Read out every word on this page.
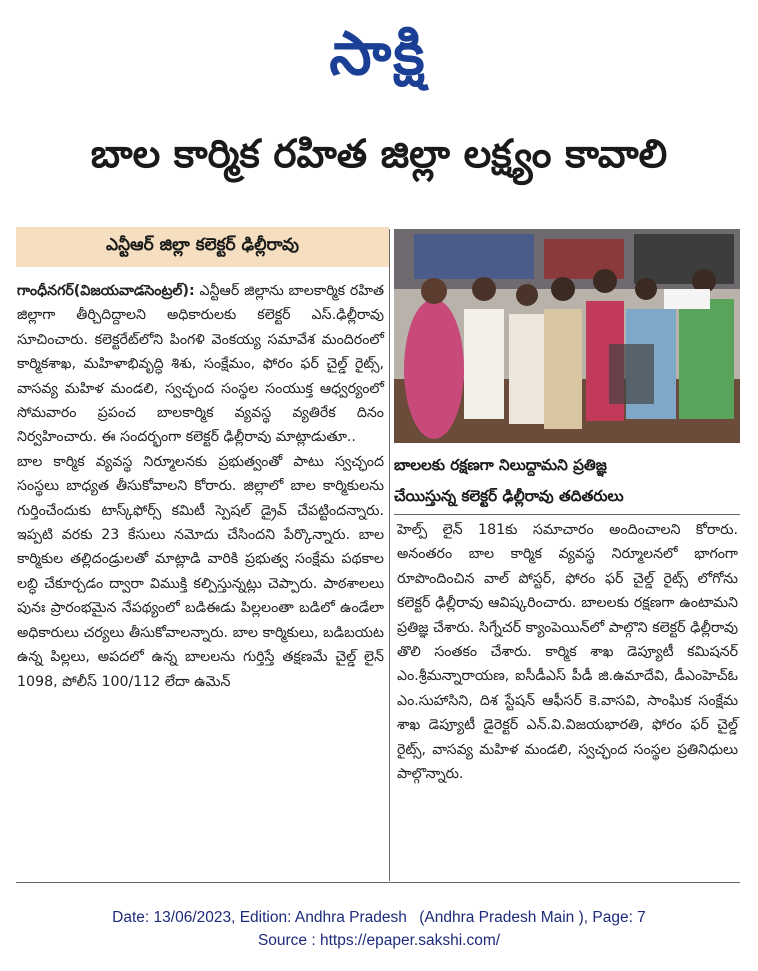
సాక్షి
బాల కార్మిక రహిత జిల్లా లక్ష్యం కావాలి
ఎన్టీఆర్‌ జిల్లా కలెక్టర్‌ ఢిల్లీరావు

గాంధీనగర్‌(విజయవాడసెంట్రల్‌): ఎన్టీఆర్‌ జిల్లాను బాలకార్మిక రహిత జిల్లాగా తీర్చిదిద్దాలని అధికారులకు కలెక్టర్‌ ఎస్‌.ఢిల్లీరావు సూచించారు. కలెక్టరేట్‌లోని పింగళి వెంకయ్య సమావేశ మందిరంలో కార్మికశాఖ, మహిళాభివృద్ధి శిశు, సంక్షేమం, ఫోరం ఫర్‌ చైల్డ్‌ రైట్స్‌, వాసవ్య మహిళ మండలి, స్వచ్ఛంద సంస్థల సంయుక్త ఆధ్వర్యంలో సోమవారం ప్రపంచ బాలకార్మిక వ్యవస్థ వ్యతిరేక దినం నిర్వహించారు. ఈ సందర్భంగా కలెక్టర్‌ ఢిల్లీరావు మాట్లాడుతూ..

బాల కార్మిక వ్యవస్థ నిర్మూలనకు ప్రభుత్వంతో పాటు స్వచ్ఛంద సంస్థలు బాధ్యత తీసుకోవాలని కోరారు. జిల్లాలో బాల కార్మికులను గుర్తించేందుకు టాస్క్‌ఫోర్స్‌ కమిటీ స్పెషల్‌ డ్రైవ్‌ చేపట్టిందన్నారు. ఇప్పటి వరకు 23 కేసులు నమోదు చేసిందని పేర్కొన్నారు. బాల కార్మికుల తల్లిదండ్రులతో మాట్లాడి వారికి ప్రభుత్వ సంక్షేమ పథకాల లబ్ధి చేకూర్చడం ద్వారా విముక్తి కల్పిస్తున్నట్లు చెప్పారు. పాఠశాలలు పునః ప్రారంభమైన నేపథ్యంలో బడిఈడు పిల్లలంతా బడిలో ఉండేలా అధికారులు చర్యలు తీసుకోవాలన్నారు. బాల కార్మికులు, బడిబయట ఉన్న పిల్లలు, అపదలో ఉన్న బాలలను గుర్తిస్తే తక్షణమే చైల్డ్‌ లైన్‌ 1098, పోలీస్‌ 100/112 లేదా ఉమెన్‌

బాలలకు రక్షణగా నిలుద్దామని ప్రతిజ్ఞ
చేయిస్తున్న కలెక్టర్‌ ఢిల్లీరావు తదితరులు

హెల్ప్‌ లైన్‌ 181కు సమాచారం అందించాలని కోరారు. అనంతరం బాల కార్మిక వ్యవస్థ నిర్మూలనలో భాగంగా రూపొందించిన వాల్‌ పోస్టర్‌, ఫోరం ఫర్‌ చైల్డ్‌ రైట్స్‌ లోగోను కలెక్టర్‌ ఢిల్లీరావు ఆవిష్కరించారు. బాలలకు రక్షణగా ఉంటామని ప్రతిజ్ఞ చేశారు. సిగ్నేచర్‌ క్యాంపెయిన్‌లో పాల్గొని కలెక్టర్‌ ఢిల్లీరావు తొలి సంతకం చేశారు. కార్మిక శాఖ డెప్యూటీ కమిషనర్‌ ఎం.శ్రీమన్నారాయణ, ఐసీడీఎస్‌ పీడీ జి.ఉమాదేవి, డీఎంహెచ్‌ఓ ఎం.సుహాసిని, దిశ స్టేషన్‌ ఆఫీసర్‌ కె.వాసవి, సాంఘిక సంక్షేమ శాఖ డెప్యూటీ డైరెక్టర్‌ ఎన్‌.వి.విజయభారతి, ఫోరం ఫర్‌ చైల్డ్‌ రైట్స్‌, వాసవ్య మహిళ మండలి, స్వచ్ఛంద సంస్థల ప్రతినిధులు పాల్గొన్నారు.

Date: 13/06/2023, Edition: Andhra Pradesh (Andhra Pradesh Main ), Page: 7
Source : https://epaper.sakshi.com/
